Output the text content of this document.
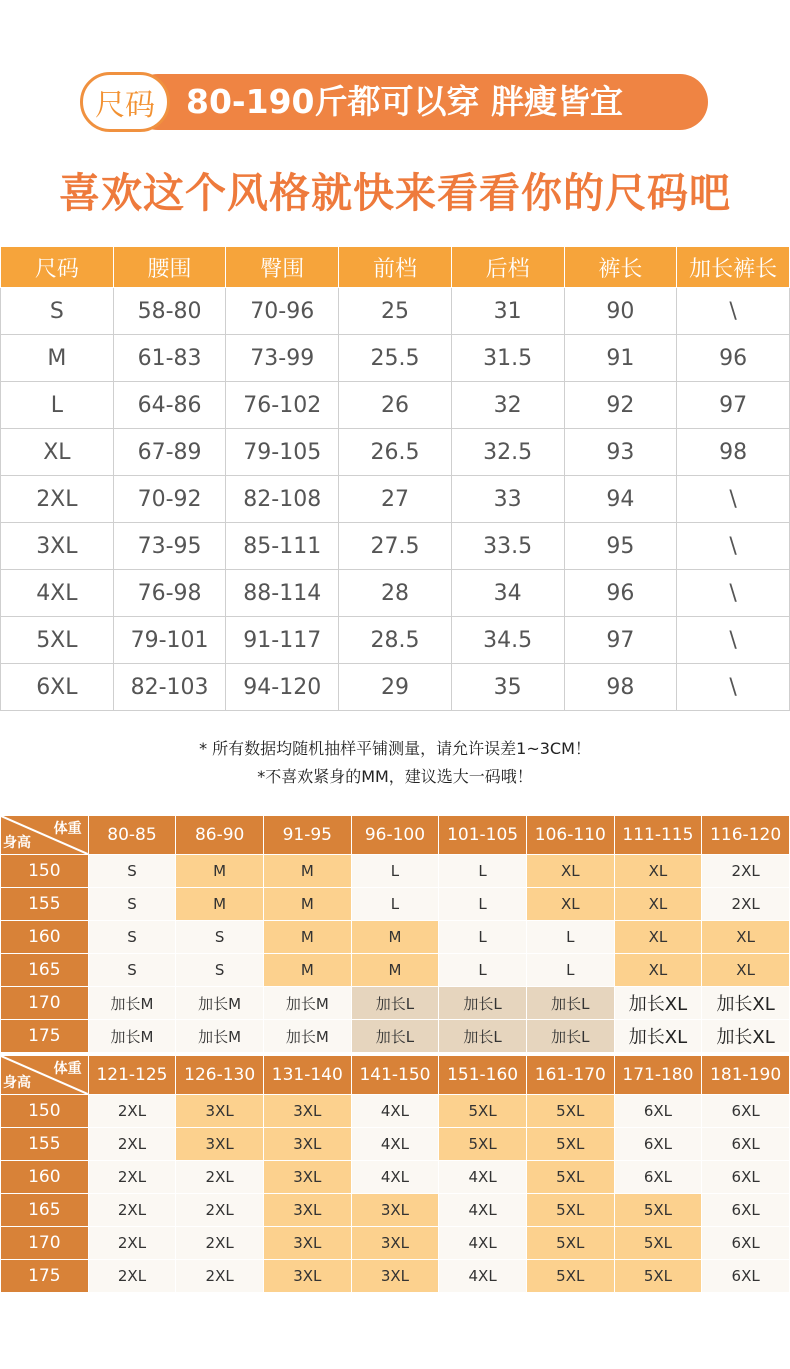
尺码 80-190斤都可以穿 胖瘦皆宜
喜欢这个风格就快来看看你的尺码吧
尺码	腰围	臀围	前档	后档	裤长	加长裤长
S	58-80	70-96	25	31	90	\
M	61-83	73-99	25.5	31.5	91	96
L	64-86	76-102	26	32	92	97
XL	67-89	79-105	26.5	32.5	93	98
2XL	70-92	82-108	27	33	94	\
3XL	73-95	85-111	27.5	33.5	95	\
4XL	76-98	88-114	28	34	96	\
5XL	79-101	91-117	28.5	34.5	97	\
6XL	82-103	94-120	29	35	98	\
* 所有数据均随机抽样平铺测量，请允许误差1~3CM！
*不喜欢紧身的MM，建议选大一码哦！
体重
身高	80-85	86-90	91-95	96-100	101-105	106-110	111-115	116-120
150	S	M	M	L	L	XL	XL	2XL
155	S	M	M	L	L	XL	XL	2XL
160	S	S	M	M	L	L	XL	XL
165	S	S	M	M	L	L	XL	XL
170	加长M	加长M	加长M	加长L	加长L	加长L	加长XL	加长XL
175	加长M	加长M	加长M	加长L	加长L	加长L	加长XL	加长XL
体重
身高	121-125	126-130	131-140	141-150	151-160	161-170	171-180	181-190
150	2XL	3XL	3XL	4XL	5XL	5XL	6XL	6XL
155	2XL	3XL	3XL	4XL	5XL	5XL	6XL	6XL
160	2XL	2XL	3XL	4XL	4XL	5XL	6XL	6XL
165	2XL	2XL	3XL	3XL	4XL	5XL	5XL	6XL
170	2XL	2XL	3XL	3XL	4XL	5XL	5XL	6XL
175	2XL	2XL	3XL	3XL	4XL	5XL	5XL	6XL
